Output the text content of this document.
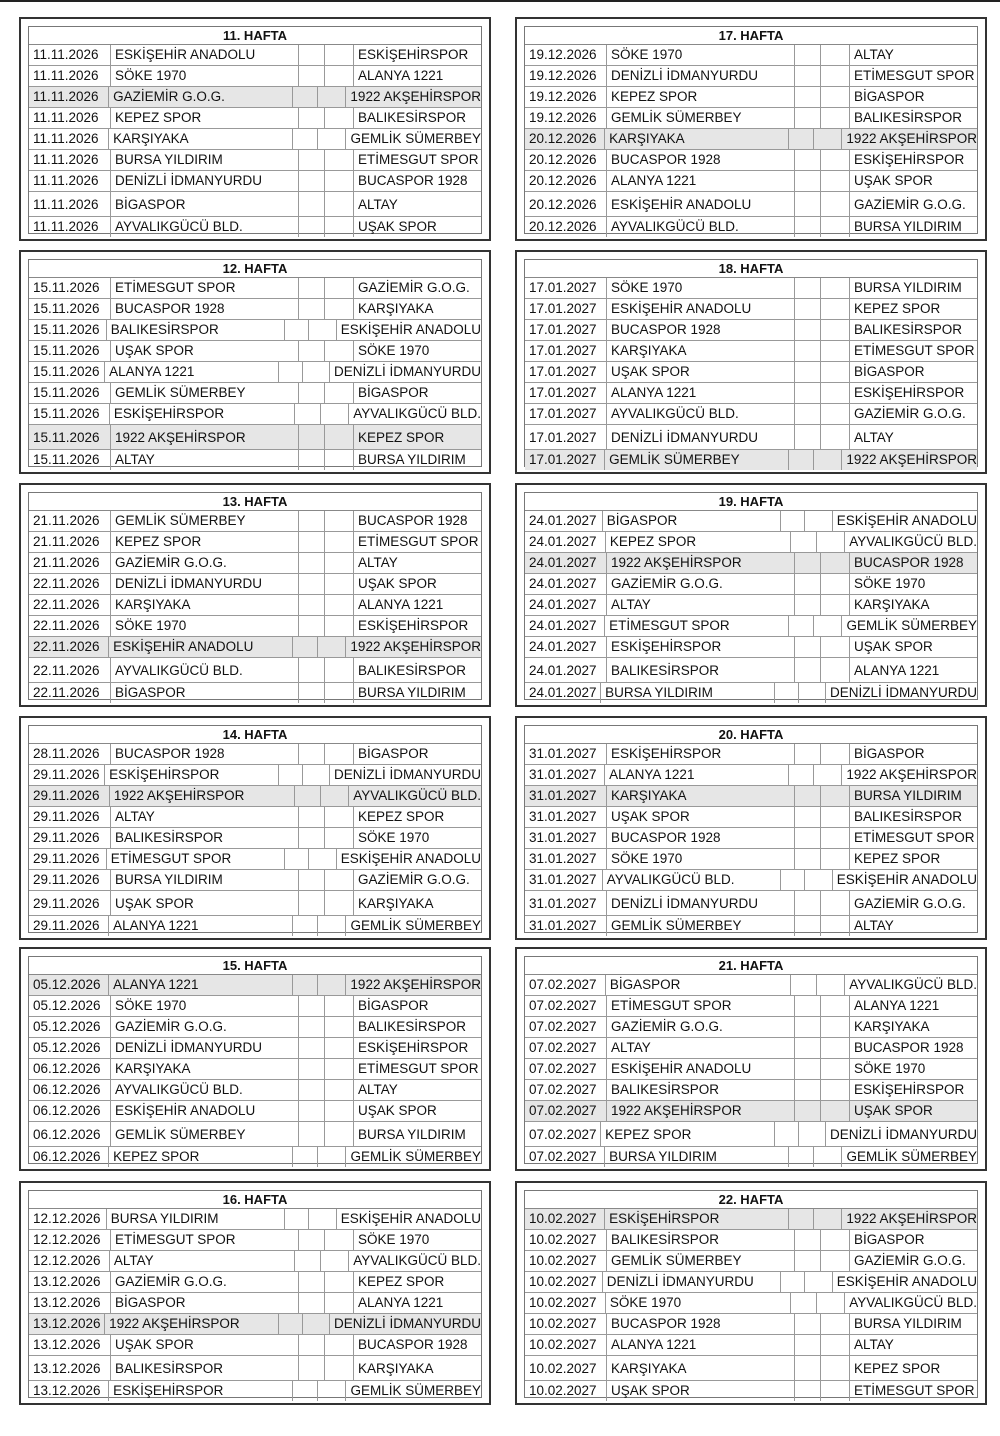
11. HAFTA
11.11.2026	ESKİŞEHİR ANADOLU	ESKİŞEHİRSPOR
11.11.2026	SÖKE 1970	ALANYA 1221
11.11.2026	GAZİEMİR G.O.G.	1922 AKŞEHİRSPOR
11.11.2026	KEPEZ SPOR	BALIKESİRSPOR
11.11.2026	KARŞIYAKA	GEMLİK SÜMERBEY
11.11.2026	BURSA YILDIRIM	ETİMESGUT SPOR
11.11.2026	DENİZLİ İDMANYURDU	BUCASPOR 1928
11.11.2026	BİGASPOR	ALTAY
11.11.2026	AYVALIKGÜCÜ BLD.	UŞAK SPOR
12. HAFTA
15.11.2026	ETİMESGUT SPOR	GAZİEMİR G.O.G.
15.11.2026	BUCASPOR 1928	KARŞIYAKA
15.11.2026 BALIKESİRSPOR	ESKİŞEHİR ANADOLU
15.11.2026	UŞAK SPOR	SÖKE 1970
15.11.2026 ALANYA 1221	DENİZLİ İDMANYURDU
15.11.2026	GEMLİK SÜMERBEY	BİGASPOR
15.11.2026	ESKİŞEHİRSPOR	AYVALIKGÜCÜ BLD.
15.11.2026	1922 AKŞEHİRSPOR	KEPEZ SPOR
15.11.2026	ALTAY	BURSA YILDIRIM
13. HAFTA
21.11.2026	GEMLİK SÜMERBEY	BUCASPOR 1928
21.11.2026	KEPEZ SPOR	ETİMESGUT SPOR
21.11.2026	GAZİEMİR G.O.G.	ALTAY
22.11.2026	DENİZLİ İDMANYURDU	UŞAK SPOR
22.11.2026	KARŞIYAKA	ALANYA 1221
22.11.2026	SÖKE 1970	ESKİŞEHİRSPOR
22.11.2026	ESKİŞEHİR ANADOLU	1922 AKŞEHİRSPOR
22.11.2026	AYVALIKGÜCÜ BLD.	BALIKESİRSPOR
22.11.2026	BİGASPOR	BURSA YILDIRIM
14. HAFTA
28.11.2026	BUCASPOR 1928	BİGASPOR
29.11.2026 ESKİŞEHİRSPOR	DENİZLİ İDMANYURDU
29.11.2026	1922 AKŞEHİRSPOR	AYVALIKGÜCÜ BLD.
29.11.2026	ALTAY	KEPEZ SPOR
29.11.2026	BALIKESİRSPOR	SÖKE 1970
29.11.2026 ETİMESGUT SPOR	ESKİŞEHİR ANADOLU
29.11.2026	BURSA YILDIRIM	GAZİEMİR G.O.G.
29.11.2026	UŞAK SPOR	KARŞIYAKA
29.11.2026	ALANYA 1221	GEMLİK SÜMERBEY
15. HAFTA
05.12.2026 ALANYA 1221	1922 AKŞEHİRSPOR
05.12.2026	SÖKE 1970	BİGASPOR
05.12.2026	GAZİEMİR G.O.G.	BALIKESİRSPOR
05.12.2026	DENİZLİ İDMANYURDU	ESKİŞEHİRSPOR
06.12.2026	KARŞIYAKA	ETİMESGUT SPOR
06.12.2026	AYVALIKGÜCÜ BLD.	ALTAY
06.12.2026	ESKİŞEHİR ANADOLU	UŞAK SPOR
06.12.2026	GEMLİK SÜMERBEY	BURSA YILDIRIM
06.12.2026 KEPEZ SPOR	GEMLİK SÜMERBEY
16. HAFTA
12.12.2026 BURSA YILDIRIM	ESKİŞEHİR ANADOLU
12.12.2026	ETİMESGUT SPOR	SÖKE 1970
12.12.2026 ALTAY	AYVALIKGÜCÜ BLD.
13.12.2026	GAZİEMİR G.O.G.	KEPEZ SPOR
13.12.2026	BİGASPOR	ALANYA 1221
13.12.2026 1922 AKŞEHİRSPOR	DENİZLİ İDMANYURDU
13.12.2026	UŞAK SPOR	BUCASPOR 1928
13.12.2026	BALIKESİRSPOR	KARŞIYAKA
13.12.2026 ESKİŞEHİRSPOR	GEMLİK SÜMERBEY
17. HAFTA
19.12.2026	SÖKE 1970	ALTAY
19.12.2026	DENİZLİ İDMANYURDU	ETİMESGUT SPOR
19.12.2026	KEPEZ SPOR	BİGASPOR
19.12.2026	GEMLİK SÜMERBEY	BALIKESİRSPOR
20.12.2026 KARŞIYAKA	1922 AKŞEHİRSPOR
20.12.2026	BUCASPOR 1928	ESKİŞEHİRSPOR
20.12.2026	ALANYA 1221	UŞAK SPOR
20.12.2026	ESKİŞEHİR ANADOLU	GAZİEMİR G.O.G.
20.12.2026	AYVALIKGÜCÜ BLD.	BURSA YILDIRIM
18. HAFTA
17.01.2027	SÖKE 1970	BURSA YILDIRIM
17.01.2027	ESKİŞEHİR ANADOLU	KEPEZ SPOR
17.01.2027	BUCASPOR 1928	BALIKESİRSPOR
17.01.2027	KARŞIYAKA	ETİMESGUT SPOR
17.01.2027	UŞAK SPOR	BİGASPOR
17.01.2027	ALANYA 1221	ESKİŞEHİRSPOR
17.01.2027	AYVALIKGÜCÜ BLD.	GAZİEMİR G.O.G.
17.01.2027	DENİZLİ İDMANYURDU	ALTAY
17.01.2027 GEMLİK SÜMERBEY	1922 AKŞEHİRSPOR
19. HAFTA
24.01.2027 BİGASPOR	ESKİŞEHİR ANADOLU
24.01.2027 KEPEZ SPOR	AYVALIKGÜCÜ BLD.
24.01.2027	1922 AKŞEHİRSPOR	BUCASPOR 1928
24.01.2027	GAZİEMİR G.O.G.	SÖKE 1970
24.01.2027	ALTAY	KARŞIYAKA
24.01.2027 ETİMESGUT SPOR	GEMLİK SÜMERBEY
24.01.2027	ESKİŞEHİRSPOR	UŞAK SPOR
24.01.2027	BALIKESİRSPOR	ALANYA 1221
24.01.2027 BURSA YILDIRIM	DENİZLİ İDMANYURDU
20. HAFTA
31.01.2027	ESKİŞEHİRSPOR	BİGASPOR
31.01.2027 ALANYA 1221	1922 AKŞEHİRSPOR
31.01.2027	KARŞIYAKA	BURSA YILDIRIM
31.01.2027	UŞAK SPOR	BALIKESİRSPOR
31.01.2027	BUCASPOR 1928	ETİMESGUT SPOR
31.01.2027	SÖKE 1970	KEPEZ SPOR
31.01.2027 AYVALIKGÜCÜ BLD.	ESKİŞEHİR ANADOLU
31.01.2027	DENİZLİ İDMANYURDU	GAZİEMİR G.O.G.
31.01.2027	GEMLİK SÜMERBEY	ALTAY
21. HAFTA
07.02.2027 BİGASPOR	AYVALIKGÜCÜ BLD.
07.02.2027	ETİMESGUT SPOR	ALANYA 1221
07.02.2027	GAZİEMİR G.O.G.	KARŞIYAKA
07.02.2027	ALTAY	BUCASPOR 1928
07.02.2027	ESKİŞEHİR ANADOLU	SÖKE 1970
07.02.2027	BALIKESİRSPOR	ESKİŞEHİRSPOR
07.02.2027	1922 AKŞEHİRSPOR	UŞAK SPOR
07.02.2027 KEPEZ SPOR	DENİZLİ İDMANYURDU
07.02.2027 BURSA YILDIRIM	GEMLİK SÜMERBEY
22. HAFTA
10.02.2027 ESKİŞEHİRSPOR	1922 AKŞEHİRSPOR
10.02.2027	BALIKESİRSPOR	BİGASPOR
10.02.2027	GEMLİK SÜMERBEY	GAZİEMİR G.O.G.
10.02.2027 DENİZLİ İDMANYURDU	ESKİŞEHİR ANADOLU
10.02.2027 SÖKE 1970	AYVALIKGÜCÜ BLD.
10.02.2027	BUCASPOR 1928	BURSA YILDIRIM
10.02.2027	ALANYA 1221	ALTAY
10.02.2027	KARŞIYAKA	KEPEZ SPOR
10.02.2027	UŞAK SPOR	ETİMESGUT SPOR
